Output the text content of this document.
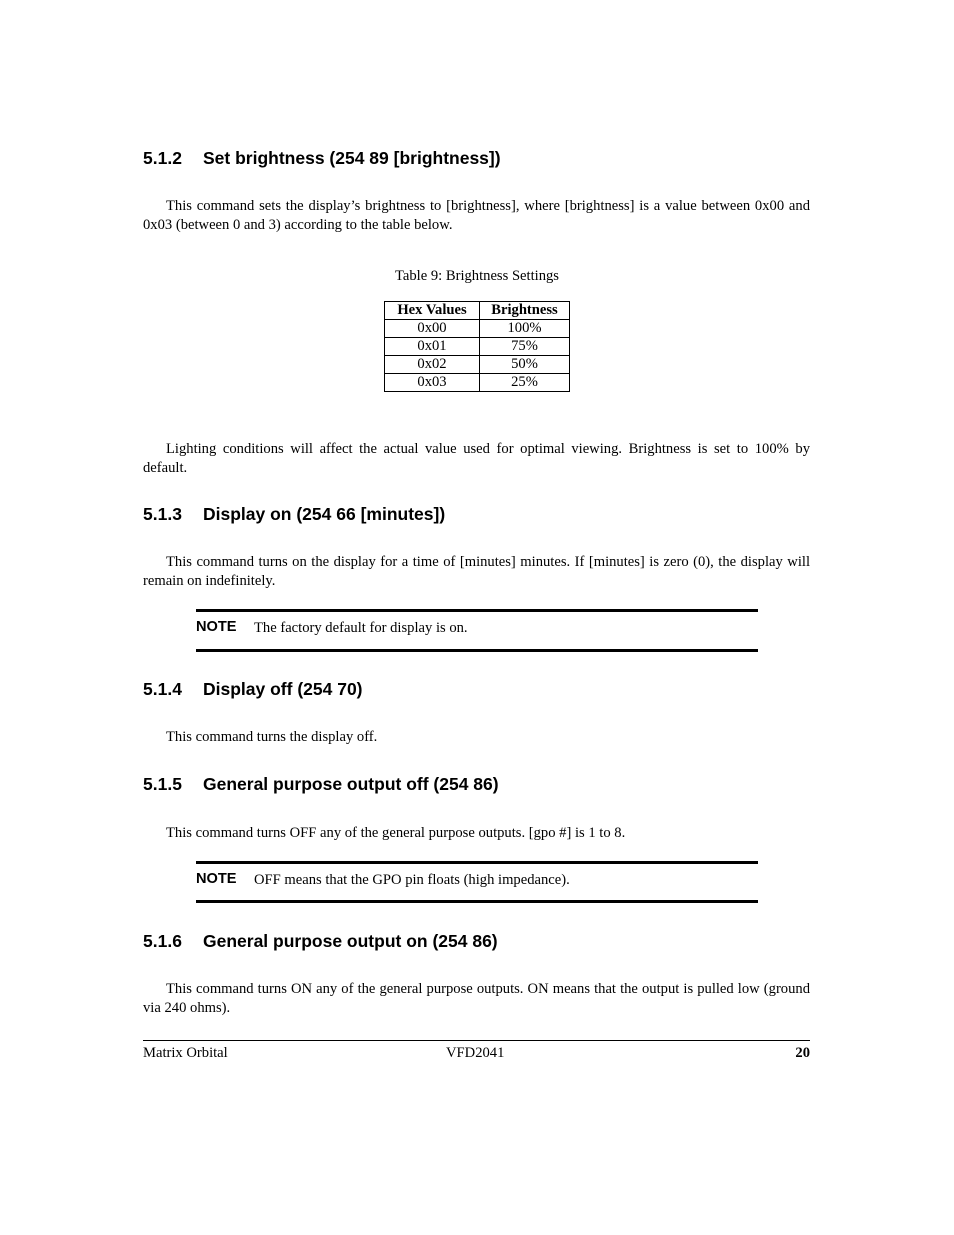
5.1.2 Set brightness (254 89 [brightness])
This command sets the display’s brightness to [brightness], where [brightness] is a value between 0x00 and 0x03 (between 0 and 3) according to the table below.
Table 9: Brightness Settings
Hex Values	Brightness
0x00	100%
0x01	75%
0x02	50%
0x03	25%
Lighting conditions will affect the actual value used for optimal viewing. Brightness is set to 100% by default.
5.1.3 Display on (254 66 [minutes])
This command turns on the display for a time of [minutes] minutes. If [minutes] is zero (0), the display will remain on indefinitely.
NOTE The factory default for display is on.
5.1.4 Display off (254 70)
This command turns the display off.
5.1.5 General purpose output off (254 86)
This command turns OFF any of the general purpose outputs. [gpo #] is 1 to 8.
NOTE OFF means that the GPO pin floats (high impedance).
5.1.6 General purpose output on (254 86)
This command turns ON any of the general purpose outputs. ON means that the output is pulled low (ground via 240 ohms).
Matrix Orbital	VFD2041	20
